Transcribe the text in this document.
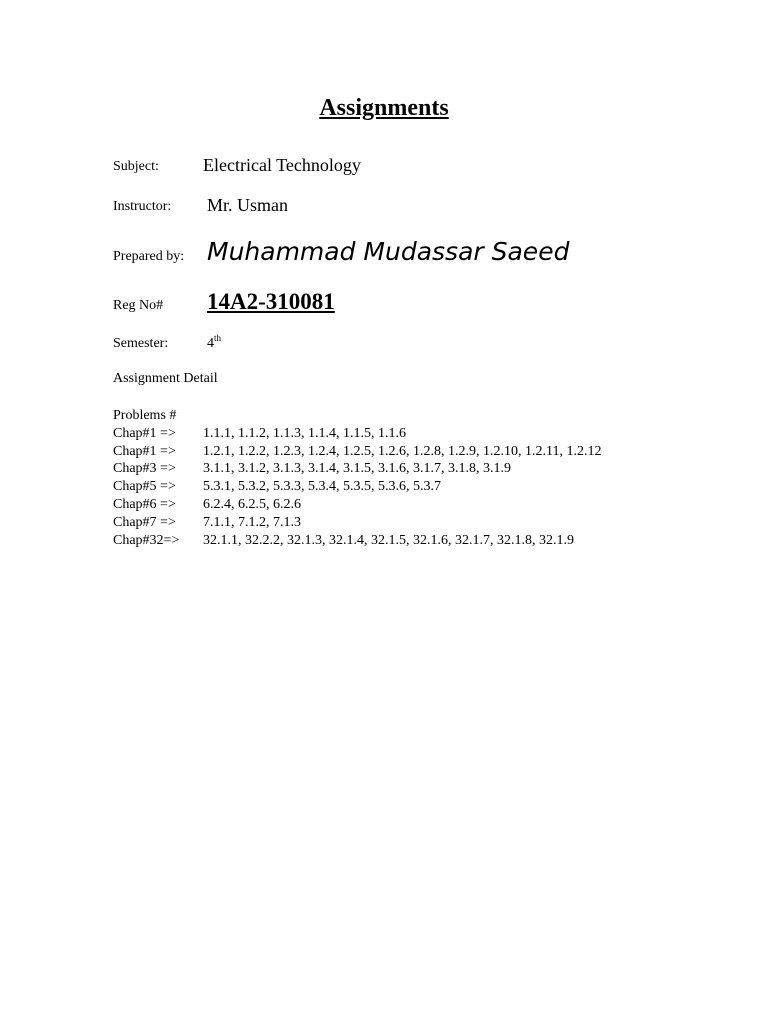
Assignments
Subject: Electrical Technology
Instructor: Mr. Usman
Prepared by: Muhammad Mudassar Saeed
Reg No# 14A2-310081
Semester:	4th
Assignment Detail
Problems #
Chap#1 => 1.1.1, 1.1.2, 1.1.3, 1.1.4, 1.1.5, 1.1.6
Chap#1 => 1.2.1, 1.2.2, 1.2.3, 1.2.4, 1.2.5, 1.2.6, 1.2.8, 1.2.9, 1.2.10, 1.2.11, 1.2.12
Chap#3 => 3.1.1, 3.1.2, 3.1.3, 3.1.4, 3.1.5, 3.1.6, 3.1.7, 3.1.8, 3.1.9
Chap#5 => 5.3.1, 5.3.2, 5.3.3, 5.3.4, 5.3.5, 5.3.6, 5.3.7
Chap#6 => 6.2.4, 6.2.5, 6.2.6
Chap#7 => 7.1.1, 7.1.2, 7.1.3
Chap#32=> 32.1.1, 32.2.2, 32.1.3, 32.1.4, 32.1.5, 32.1.6, 32.1.7, 32.1.8, 32.1.9
